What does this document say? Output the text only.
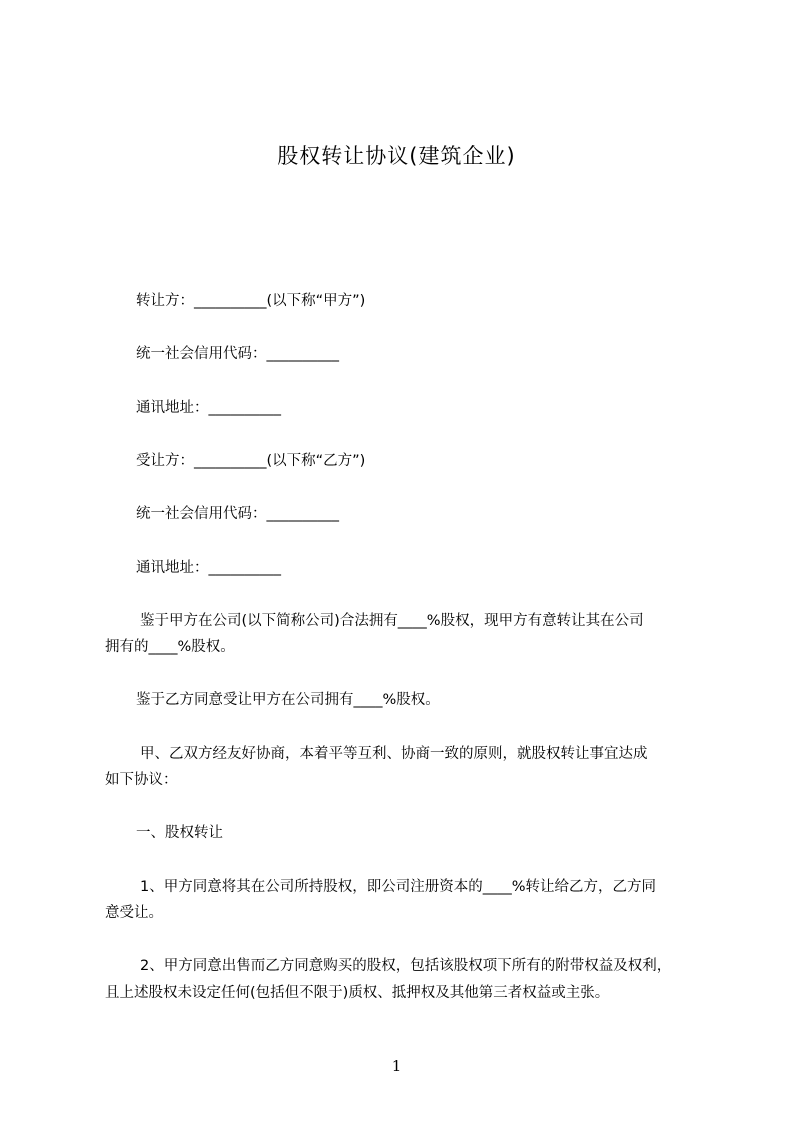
股权转让协议(建筑企业)
转让方：__________(以下称“甲方”)
统一社会信用代码：__________
通讯地址：__________
受让方：__________(以下称“乙方”)
统一社会信用代码：__________
通讯地址：__________
鉴于甲方在公司(以下简称公司)合法拥有____%股权，现甲方有意转让其在公司
拥有的____%股权。
鉴于乙方同意受让甲方在公司拥有____%股权。
甲、乙双方经友好协商，本着平等互利、协商一致的原则，就股权转让事宜达成
如下协议：
一、股权转让
1、甲方同意将其在公司所持股权，即公司注册资本的____%转让给乙方，乙方同
意受让。
2、甲方同意出售而乙方同意购买的股权，包括该股权项下所有的附带权益及权利，
且上述股权未设定任何(包括但不限于)质权、抵押权及其他第三者权益或主张。
1
